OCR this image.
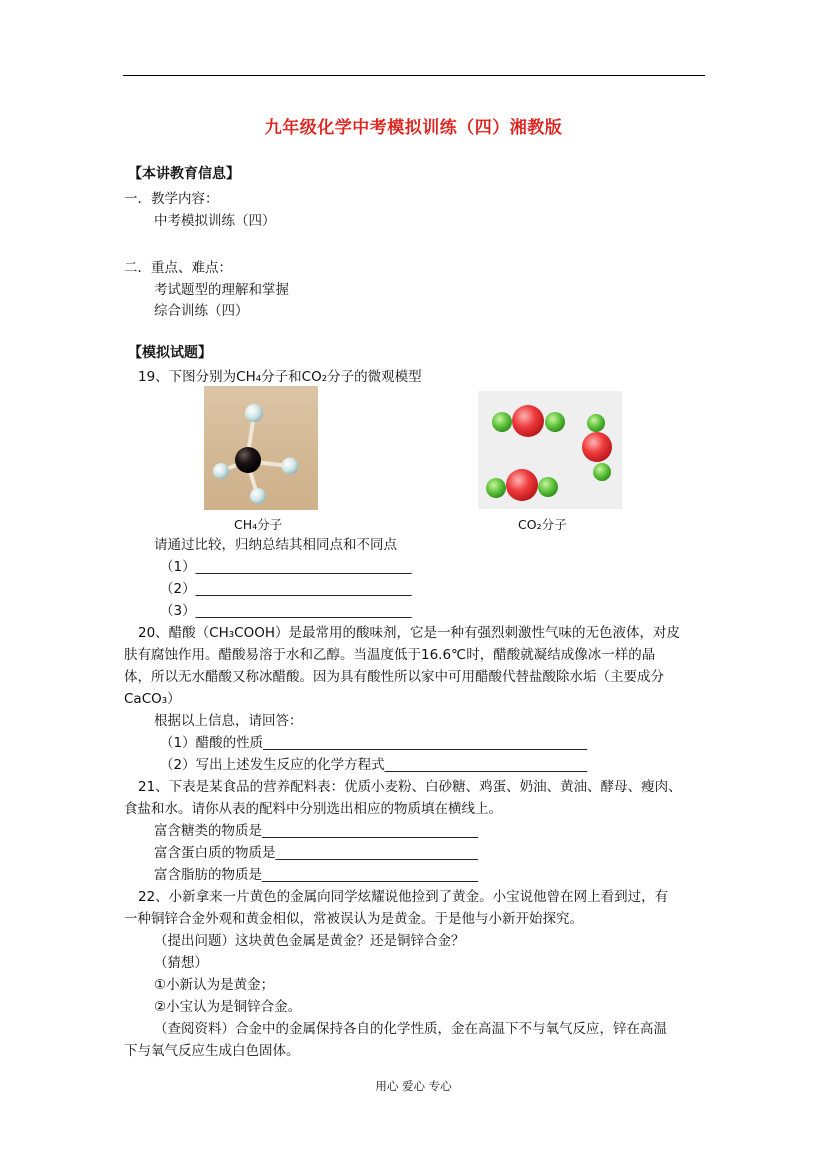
九年级化学中考模拟训练（四）湘教版
【本讲教育信息】
一．教学内容：
中考模拟训练（四）
二．重点、难点：
考试题型的理解和掌握
综合训练（四）
【模拟试题】
19、下图分别为CH₄分子和CO₂分子的微观模型
CH₄分子	CO₂分子
请通过比较，归纳总结其相同点和不同点
（1）________________________________
（2）________________________________
（3）________________________________
20、醋酸（CH₃COOH）是最常用的酸味剂，它是一种有强烈刺激性气味的无色液体，对皮
肤有腐蚀作用。醋酸易溶于水和乙醇。当温度低于16.6℃时，醋酸就凝结成像冰一样的晶
体，所以无水醋酸又称冰醋酸。因为具有酸性所以家中可用醋酸代替盐酸除水垢（主要成分
CaCO₃）
根据以上信息，请回答：
（1）醋酸的性质________________________________________________
（2）写出上述发生反应的化学方程式______________________________
21、下表是某食品的营养配料表：优质小麦粉、白砂糖、鸡蛋、奶油、黄油、酵母、瘦肉、
食盐和水。请你从表的配料中分别选出相应的物质填在横线上。
富含糖类的物质是________________________________
富含蛋白质的物质是______________________________
富含脂肪的物质是________________________________
22、小新拿来一片黄色的金属向同学炫耀说他捡到了黄金。小宝说他曾在网上看到过，有
一种铜锌合金外观和黄金相似，常被误认为是黄金。于是他与小新开始探究。
（提出问题）这块黄色金属是黄金？还是铜锌合金？
（猜想）
①小新认为是黄金；
②小宝认为是铜锌合金。
（查阅资料）合金中的金属保持各自的化学性质，金在高温下不与氧气反应，锌在高温
下与氧气反应生成白色固体。
用心 爱心 专心
